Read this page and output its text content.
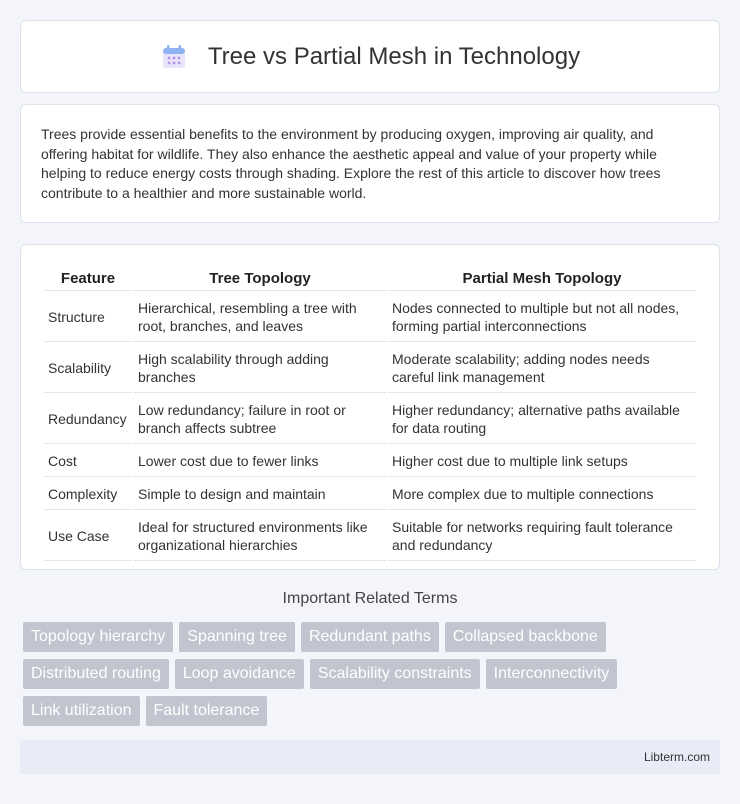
Tree vs Partial Mesh in Technology

Trees provide essential benefits to the environment by producing oxygen, improving air quality, and offering habitat for wildlife. They also enhance the aesthetic appeal and value of your property while helping to reduce energy costs through shading. Explore the rest of this article to discover how trees contribute to a healthier and more sustainable world.

Feature	Tree Topology	Partial Mesh Topology
Structure	Hierarchical, resembling a tree with root, branches, and leaves	Nodes connected to multiple but not all nodes, forming partial interconnections
Scalability	High scalability through adding branches	Moderate scalability; adding nodes needs careful link management
Redundancy	Low redundancy; failure in root or branch affects subtree	Higher redundancy; alternative paths available for data routing
Cost	Lower cost due to fewer links	Higher cost due to multiple link setups
Complexity	Simple to design and maintain	More complex due to multiple connections
Use Case	Ideal for structured environments like organizational hierarchies	Suitable for networks requiring fault tolerance and redundancy
Important Related Terms
Topology hierarchy	Spanning tree	Redundant paths	Collapsed backbone
Distributed routing	Loop avoidance	Scalability constraints	Interconnectivity
Link utilization	Fault tolerance
Libterm.com
